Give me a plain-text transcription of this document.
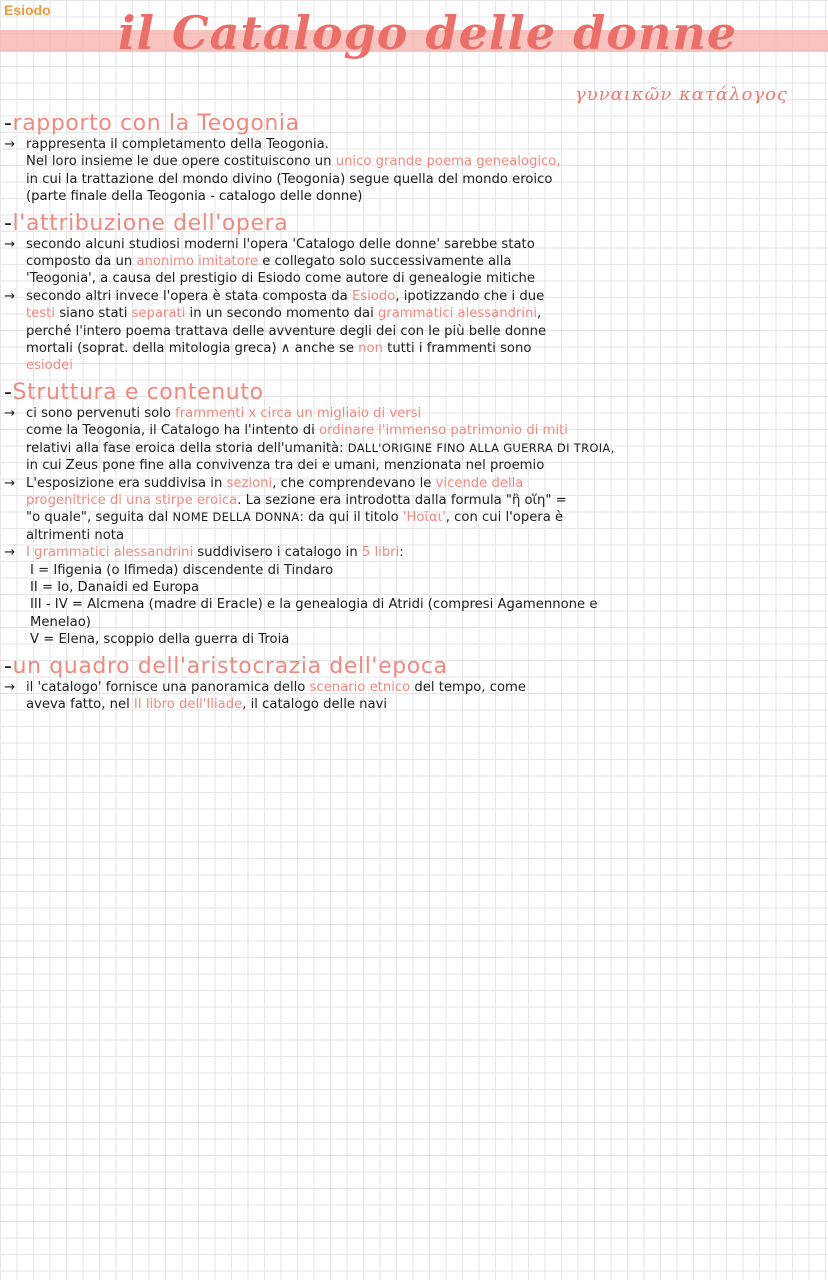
Esiodo il Catalogo delle donne
γυναικῶν κατάλογος
-rapporto con la Teogonia
→ rappresenta il completamento della Teogonia.
Nel loro insieme le due opere costituiscono un unico grande poema genealogico,
in cui la trattazione del mondo divino (Teogonia) segue quella del mondo eroico
(parte finale della Teogonia - catalogo delle donne)
-l'attribuzione dell'opera
→ secondo alcuni studiosi moderni l'opera 'Catalogo delle donne' sarebbe stato
composto da un anonimo imitatore e collegato solo successivamente alla
'Teogonia', a causa del prestigio di Esiodo come autore di genealogie mitiche
→ secondo altri invece l'opera è stata composta da Esiodo, ipotizzando che i due
testi siano stati separati in un secondo momento dai grammatici alessandrini,
perché l'intero poema trattava delle avventure degli dei con le più belle donne
mortali (soprat. della mitologia greca) ∧ anche se non tutti i frammenti sono
esiodei
-Struttura e contenuto
→ ci sono pervenuti solo frammenti x circa un migliaio di versi
come la Teogonia, il Catalogo ha l'intento di ordinare l'immenso patrimonio di miti
relativi alla fase eroica della storia dell'umanità: DALL'ORIGINE FINO ALLA GUERRA DI TROIA,
in cui Zeus pone fine alla convivenza tra dei e umani, menzionata nel proemio
→ L'esposizione era suddivisa in sezioni, che comprendevano le vicende della
progenitrice di una stirpe eroica. La sezione era introdotta dalla formula "ἢ οἵη" =
"o quale", seguita dal NOME DELLA DONNA: da qui il titolo 'Ηοῖαι', con cui l'opera è
altrimenti nota
→ I grammatici alessandrini suddivisero i catalogo in 5 libri:
I = Ifigenia (o Ifimeda) discendente di Tindaro
II = Io, Danaidi ed Europa
III - IV = Alcmena (madre di Eracle) e la genealogia di Atridi (compresi Agamennone e
Menelao)
V = Elena, scoppio della guerra di Troia
-un quadro dell'aristocrazia dell'epoca
→ il 'catalogo' fornisce una panoramica dello scenario etnico del tempo, come
aveva fatto, nel II libro dell'Iliade, il catalogo delle navi
